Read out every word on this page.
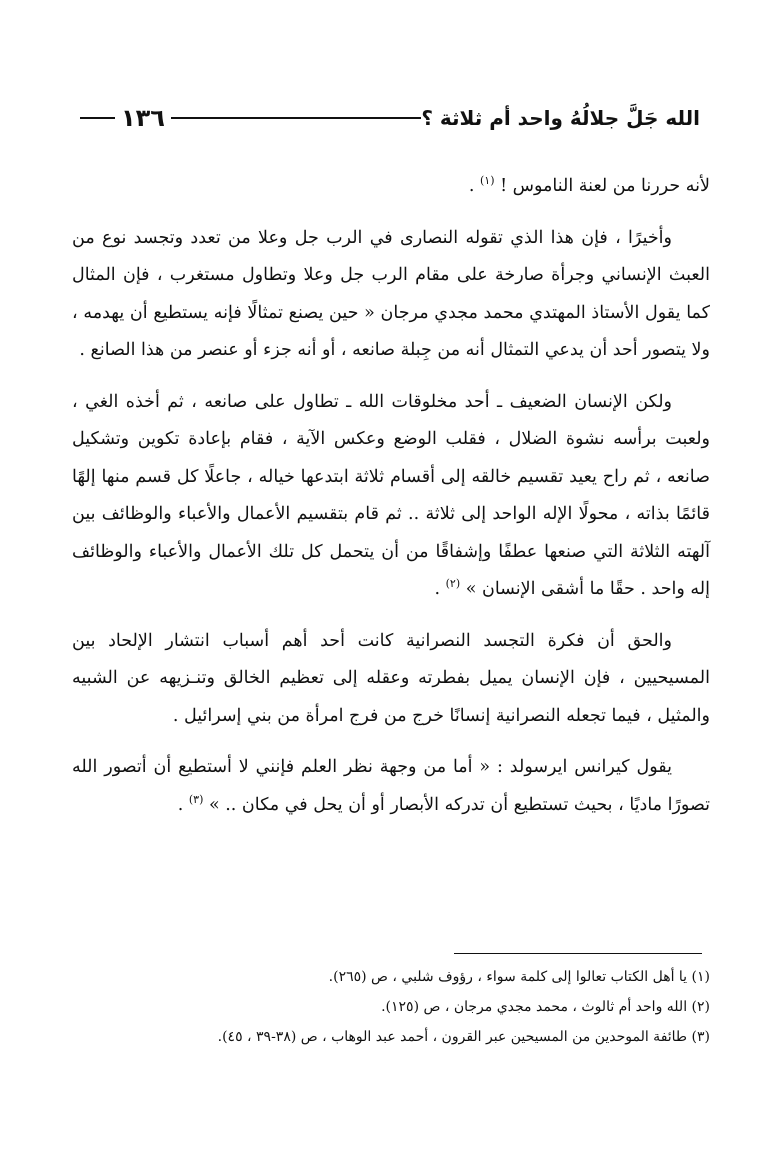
الله جَلَّ جلالُهُ واحد أم ثلاثة ؟
١٣٦

لأنه حررنا من لعنة الناموس ! $^{(١)}$ .

وأخيرًا ، فإن هذا الذي تقوله النصارى في الرب جل وعلا من تعدد وتجسد نوع من العبث الإنساني وجرأة صارخة على مقام الرب جل وعلا وتطاول مستغرب ، فإن المثال كما يقول الأستاذ المهتدي محمد مجدي مرجان « حين يصنع تمثالًا فإنه يستطيع أن يهدمه ، ولا يتصور أحد أن يدعي التمثال أنه من جِبلة صانعه ، أو أنه جزء أو عنصر من هذا الصانع .

ولكن الإنسان الضعيف ـ أحد مخلوقات الله ـ تطاول على صانعه ، ثم أخذه الغي ، ولعبت برأسه نشوة الضلال ، فقلب الوضع وعكس الآية ، فقام بإعادة تكوين وتشكيل صانعه ، ثم راح يعيد تقسيم خالقه إلى أقسام ثلاثة ابتدعها خياله ، جاعلًا كل قسم منها إلهًا قائمًا بذاته ، محولًا الإله الواحد إلى ثلاثة .. ثم قام بتقسيم الأعمال والأعباء والوظائف بين آلهته الثلاثة التي صنعها عطفًا وإشفاقًا من أن يتحمل كل تلك الأعمال والأعباء والوظائف إله واحد . حقًا ما أشقى الإنسان » $^{(٢)}$ .

والحق أن فكرة التجسد النصرانية كانت أحد أهم أسباب انتشار الإلحاد بين المسيحيين ، فإن الإنسان يميل بفطرته وعقله إلى تعظيم الخالق وتنـزيهه عن الشبيه والمثيل ، فيما تجعله النصرانية إنسانًا خرج من فرج امرأة من بني إسرائيل .

يقول كيرانس ايرسولد : « أما من وجهة نظر العلم فإنني لا أستطيع أن أتصور الله تصورًا ماديًا ، بحيث تستطيع أن تدركه الأبصار أو أن يحل في مكان .. » $^{(٣)}$ .

(١) يا أهل الكتاب تعالوا إلى كلمة سواء ، رؤوف شلبي ، ص (٢٦٥).
(٢) الله واحد أم ثالوث ، محمد مجدي مرجان ، ص (١٢٥).
(٣) طائفة الموحدين من المسيحين عبر القرون ، أحمد عبد الوهاب ، ص (٣٨-٣٩ ، ٤٥).
